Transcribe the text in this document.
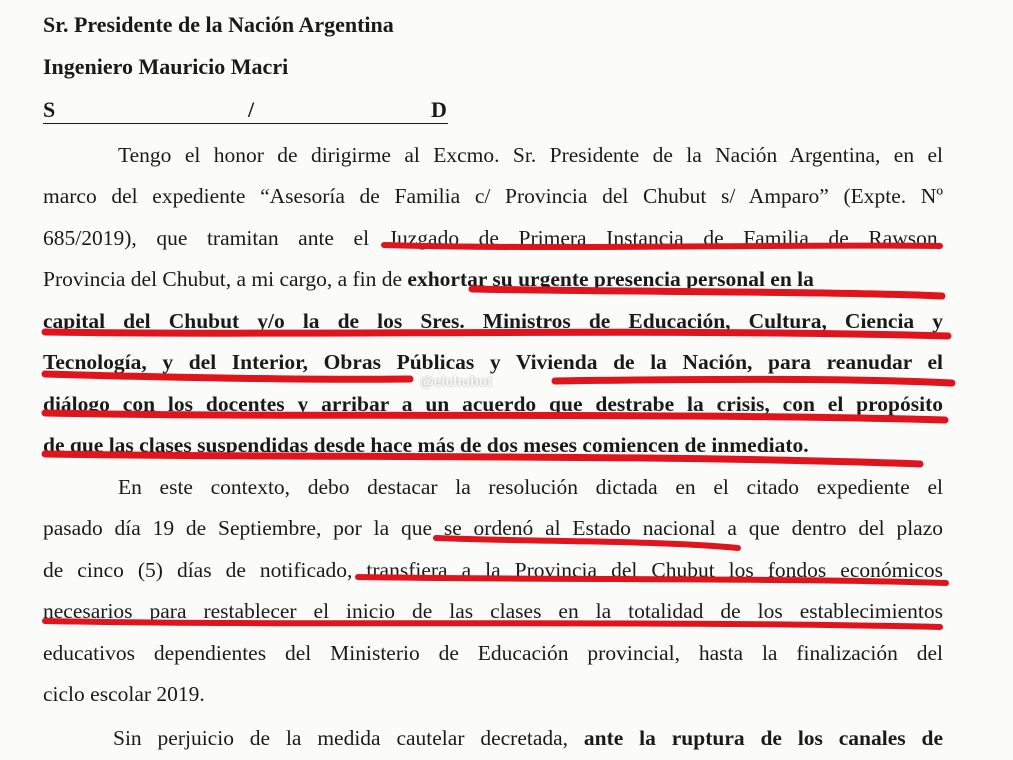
Sr. Presidente de la Nación Argentina
Ingeniero Mauricio Macri
S	/	D
Tengo el honor de dirigirme al Excmo. Sr. Presidente de la Nación Argentina, en el
marco del expediente “Asesoría de Familia c/ Provincia del Chubut s/ Amparo” (Expte. Nº
685/2019), que tramitan ante el Juzgado de Primera Instancia de Familia de Rawson,
Provincia del Chubut, a mi cargo, a fin de exhortar su urgente presencia personal en la
capital del Chubut y/o la de los Sres. Ministros de Educación, Cultura, Ciencia y
Tecnología, y del Interior, Obras Públicas y Vivienda de la Nación, para reanudar el
diálogo con los docentes y arribar a un acuerdo que destrabe la crisis, con el propósito
de que las clases suspendidas desde hace más de dos meses comiencen de inmediato.
En este contexto, debo destacar la resolución dictada en el citado expediente el
pasado día 19 de Septiembre, por la que se ordenó al Estado nacional a que dentro del plazo
de cinco (5) días de notificado, transfiera a la Provincia del Chubut los fondos económicos
necesarios para restablecer el inicio de las clases en la totalidad de los establecimientos
educativos dependientes del Ministerio de Educación provincial, hasta la finalización del
ciclo escolar 2019.
Sin perjuicio de la medida cautelar decretada, ante la ruptura de los canales de
@elchubut
